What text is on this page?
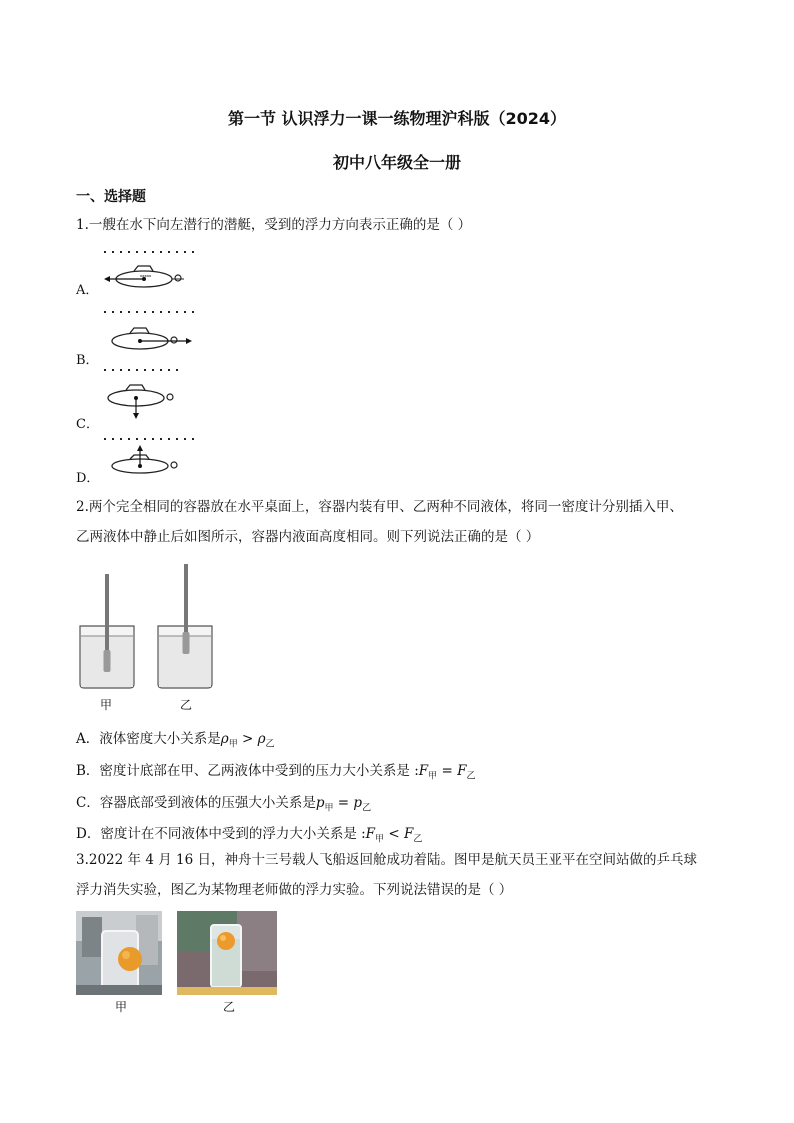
第一节 认识浮力一课一练物理沪科版（2024）
初中八年级全一册
一、选择题
1.一艘在水下向左潜行的潜艇，受到的浮力方向表示正确的是（ ）
A．
xxxxx
B．
C．
D．
2.两个完全相同的容器放在水平桌面上，容器内装有甲、乙两种不同液体，将同一密度计分别插入甲、
乙两液体中静止后如图所示，容器内液面高度相同。则下列说法正确的是（ ）
甲	乙
A．液体密度大小关系是$\rho_甲 > \rho_乙$
B．密度计底部在甲、乙两液体中受到的压力大小关系是 $:F_甲 = F_乙$
C．容器底部受到液体的压强大小关系是$p_甲 = p_乙$
D．密度计在不同液体中受到的浮力大小关系是 $:F_甲 < F_乙$
3.2022 年 4 月 16 日，神舟十三号载人飞船返回舱成功着陆。图甲是航天员王亚平在空间站做的乒乓球
浮力消失实验，图乙为某物理老师做的浮力实验。下列说法错误的是（ ）
甲	乙
